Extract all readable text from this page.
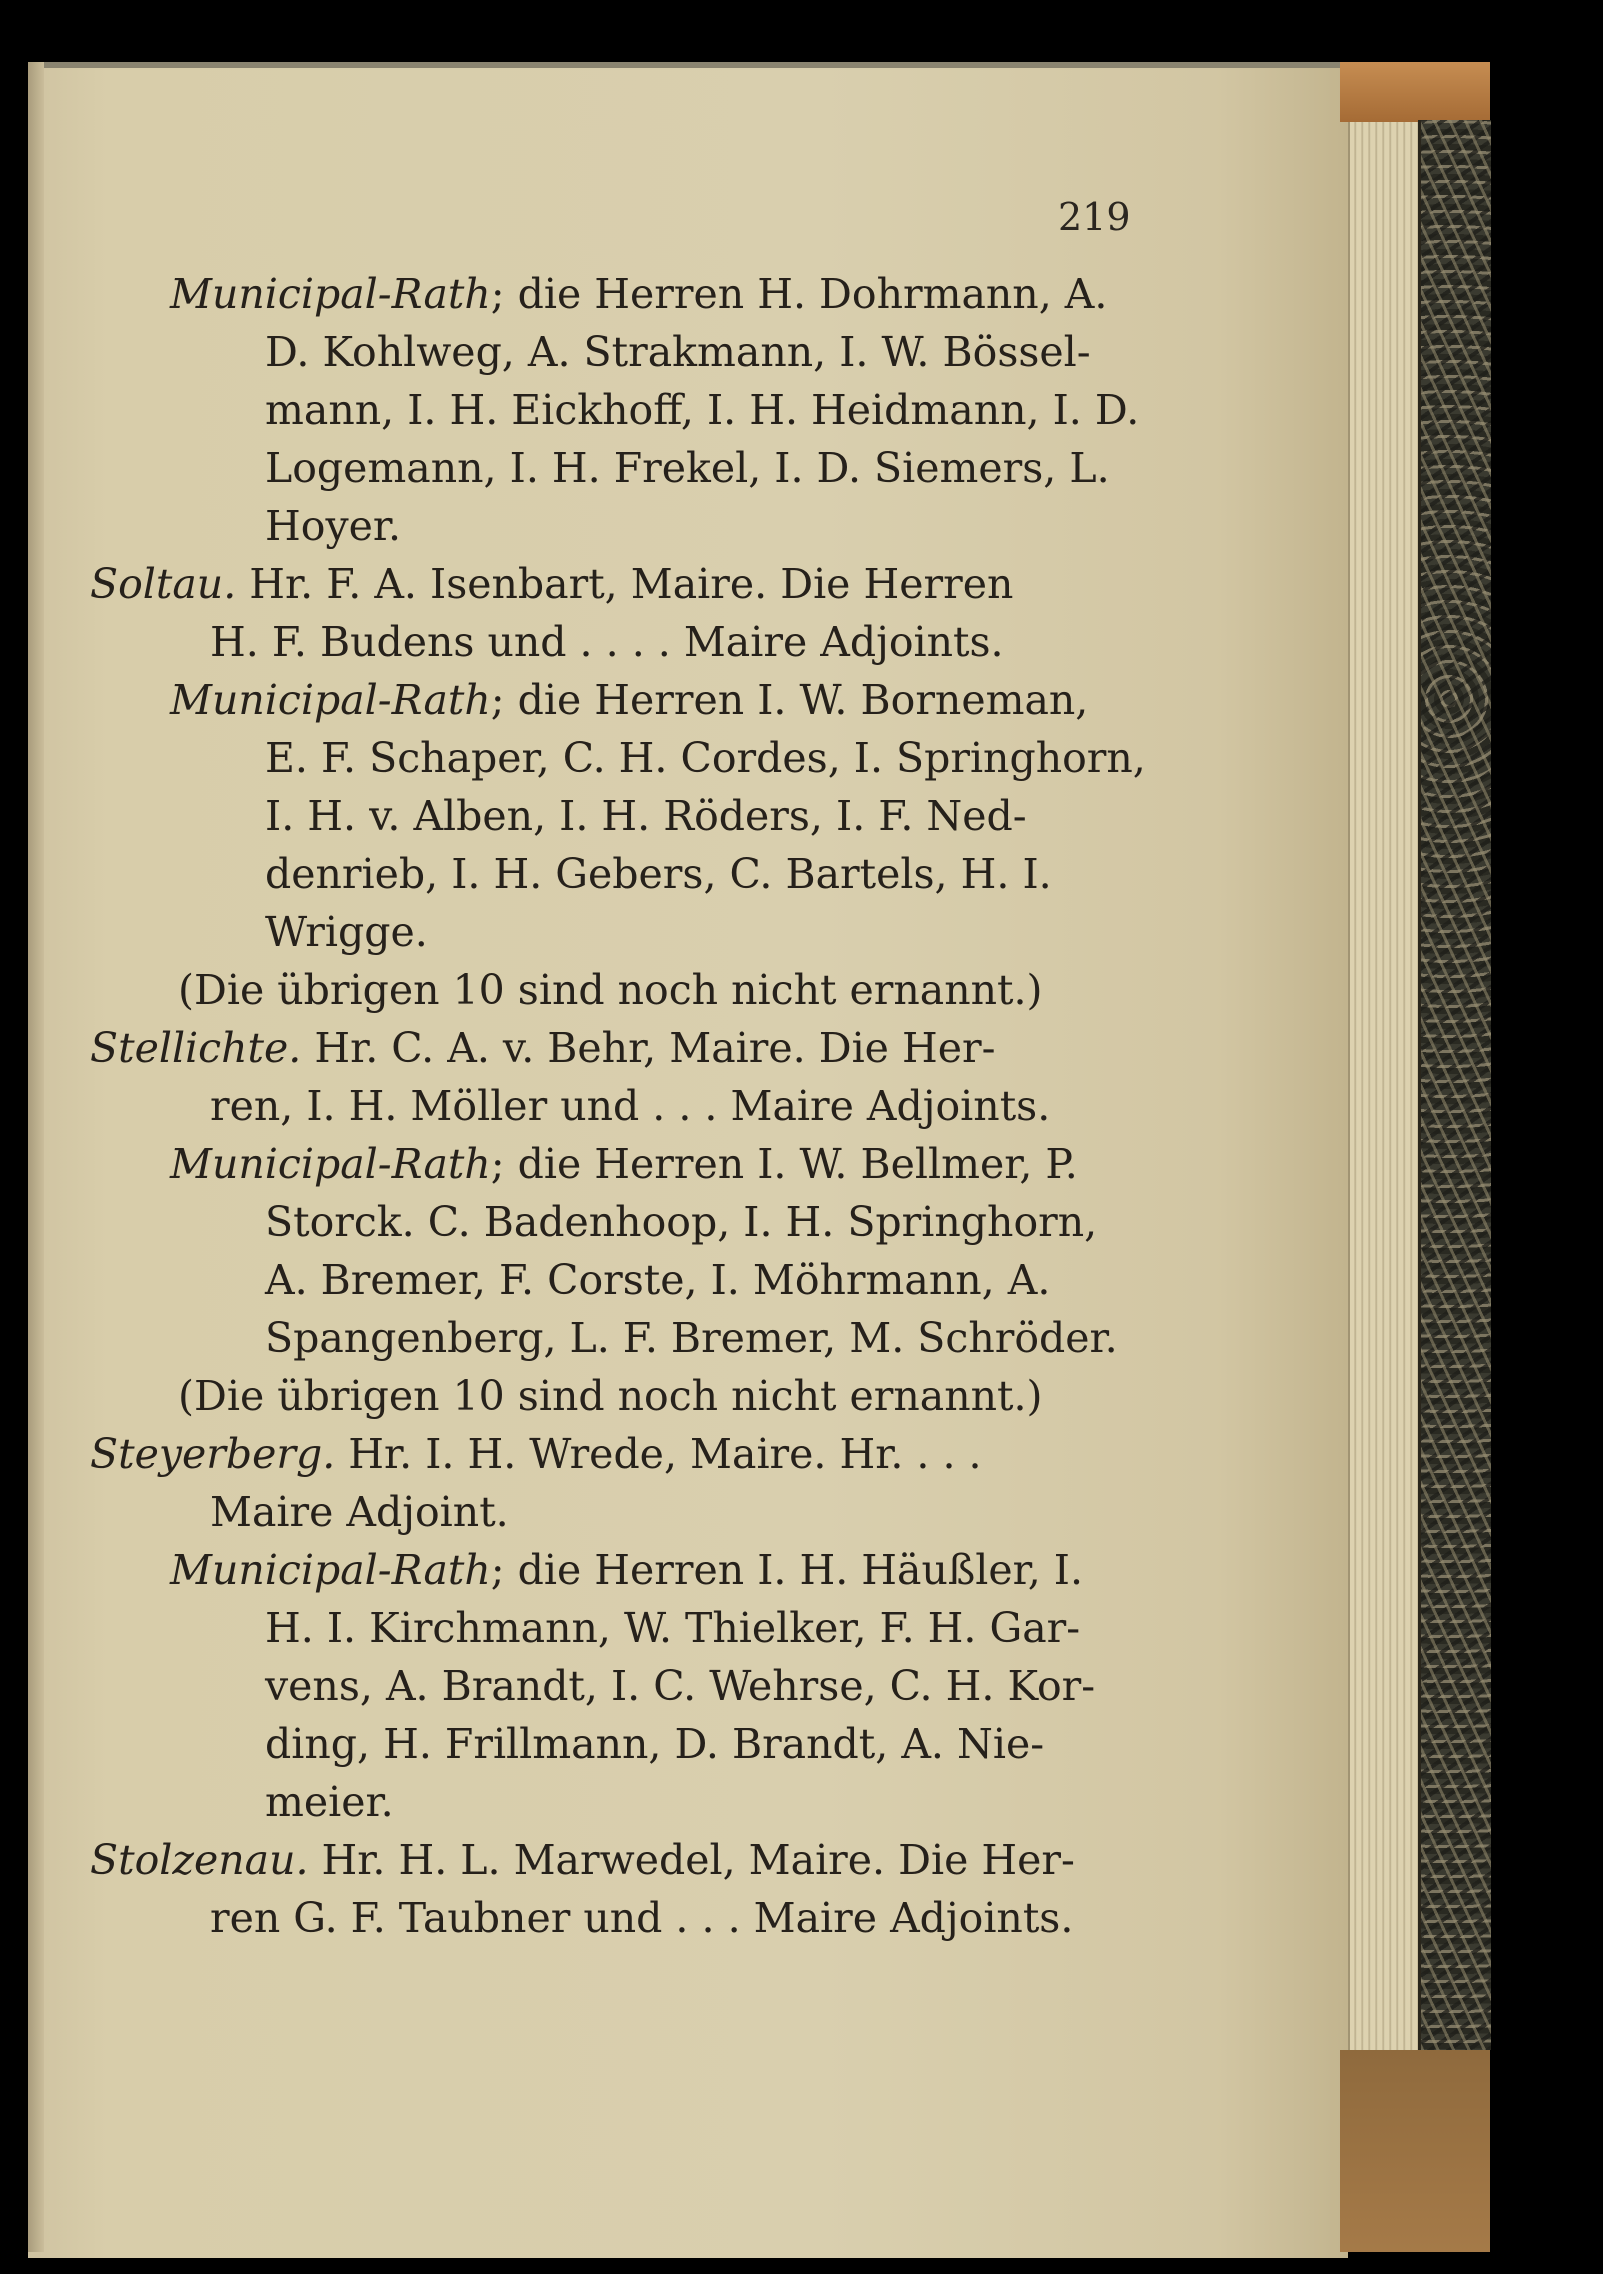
219
Municipal-Rath; die Herren H. Dohrmann, A.
D. Kohlweg, A. Strakmann, I. W. Bössel-
mann, I. H. Eickhoff, I. H. Heidmann, I. D.
Logemann, I. H. Frekel, I. D. Siemers, L.
Hoyer.
Soltau. Hr. F. A. Isenbart, Maire. Die Herren
H. F. Budens und . . . . Maire Adjoints.
Municipal-Rath; die Herren I. W. Borneman,
E. F. Schaper, C. H. Cordes, I. Springhorn,
I. H. v. Alben, I. H. Röders, I. F. Ned-
denrieb, I. H. Gebers, C. Bartels, H. I.
Wrigge.
(Die übrigen 10 sind noch nicht ernannt.)
Stellichte. Hr. C. A. v. Behr, Maire. Die Her-
ren, I. H. Möller und . . . Maire Adjoints.
Municipal-Rath; die Herren I. W. Bellmer, P.
Storck. C. Badenhoop, I. H. Springhorn,
A. Bremer, F. Corste, I. Möhrmann, A.
Spangenberg, L. F. Bremer, M. Schröder.
(Die übrigen 10 sind noch nicht ernannt.)
Steyerberg. Hr. I. H. Wrede, Maire. Hr. . . .
Maire Adjoint.
Municipal-Rath; die Herren I. H. Häußler, I.
H. I. Kirchmann, W. Thielker, F. H. Gar-
vens, A. Brandt, I. C. Wehrse, C. H. Kor-
ding, H. Frillmann, D. Brandt, A. Nie-
meier.
Stolzenau. Hr. H. L. Marwedel, Maire. Die Her-
ren G. F. Taubner und . . . Maire Adjoints.
